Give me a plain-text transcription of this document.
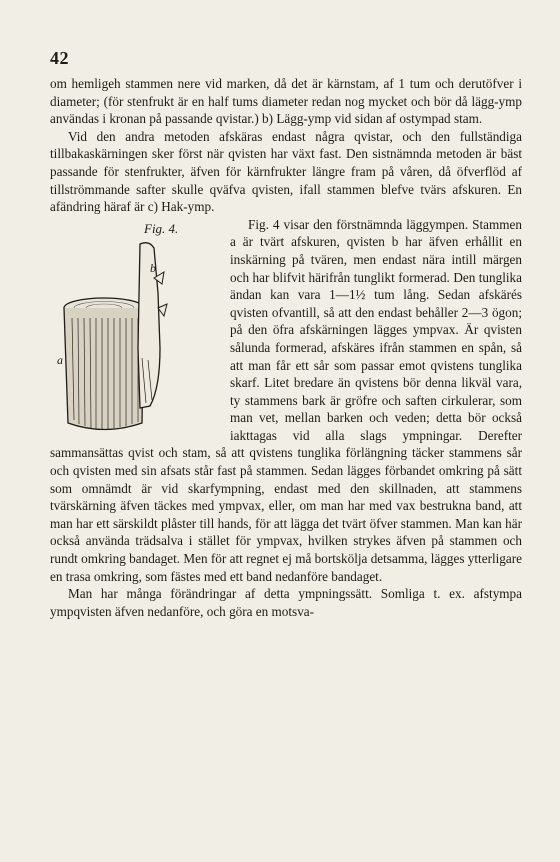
42

om hemligeh stammen nere vid marken, då det är kärnstam, af 1 tum och derutöfver i diameter; (för stenfrukt är en half tums diameter redan nog mycket och bör då lägg-ymp användas i kronan på passande qvistar.) b) Lägg-ymp vid sidan af ostympad stam.

Vid den andra metoden afskäras endast några qvistar, och den fullständiga tillbakaskärningen sker först när qvisten har växt fast. Den sistnämnda metoden är bäst passande för stenfrukter, äfven för kärnfrukter längre fram på våren, då öfverflöd af tillströmmande safter skulle qväfva qvisten, ifall stammen blefve tvärs afskuren. En afändring häraf är c) Hak-ymp.

Fig. 4.
a
b
Fig. 4 visar den förstnämnda läggympen. Stammen a är tvärt afskuren, qvisten b har äfven erhållit en inskärning på tvären, men endast nära intill märgen och har blifvit härifrån tunglikt formerad. Den tunglika ändan kan vara 1—1½ tum lång. Sedan afskärés qvisten ofvantill, så att den endast behåller 2—3 ögon; på den öfra afskärningen lägges ympvax. Är qvisten sålunda formerad, afskäres ifrån stammen en spån, så att man får ett sår som passar emot qvistens tunglika skarf. Litet bredare än qvistens bör denna likväl vara, ty stammens bark är gröfre och saften cirkulerar, som man vet, mellan barken och veden; detta bör också iakttagas vid alla slags ympningar. Derefter sammansättas qvist och stam, så att qvistens tunglika förlängning täcker stammens sår och qvisten med sin afsats står fast på stammen. Sedan lägges förbandet omkring på sätt som omnämdt är vid skarfympning, endast med den skillnaden, att stammens tvärskärning äfven täckes med ympvax, eller, om man har med vax bestrukna band, att man har ett särskildt plåster till hands, för att lägga det tvärt öfver stammen. Man kan här också använda trädsalva i stället för ympvax, hvilken strykes äfven på stammen och rundt omkring bandaget. Men för att regnet ej må bortskölja detsamma, lägges ytterligare en trasa omkring, som fästes med ett band nedanföre bandaget.

Man har många förändringar af detta ympningssätt. Somliga t. ex. afstympa ympqvisten äfven nedanföre, och göra en motsva-
